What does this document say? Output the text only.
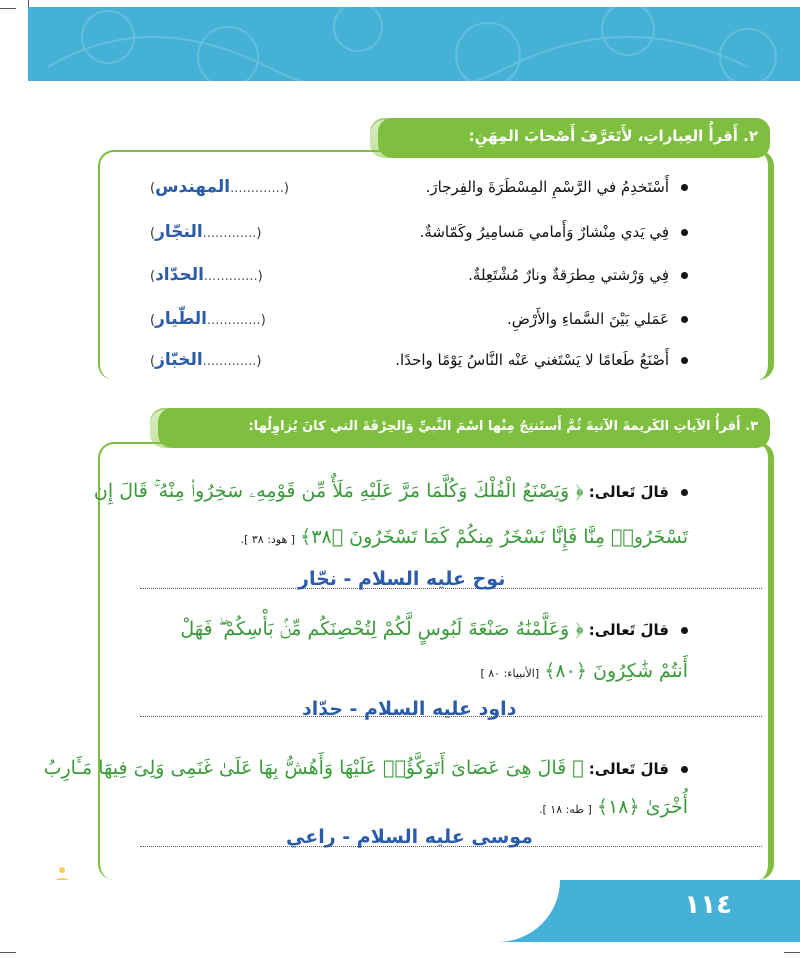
٢. أَقرأُ العِباراتِ، لأَتَعَرَّفَ أَصْحابَ المِهَنِ:
أَسْتَخدِمُ في الرَّسْمِ المِسْطَرَةَ والفِرجارَ.
(.............المهندس)
فِي يَدي مِنْشارٌ وَأَمامي مَسامِيرُ وكَمّاشةٌ.
(.............النجّار)
فِي وَرْشتي مِطرَقةٌ ونارٌ مُشْتَعِلةٌ.
(.............الحدّاد)
عَمَلي بَيْنَ السَّماءِ والأَرْضِ.
(.............الطّيار)
أَصْنَعُ طَعامًا لا يَسْتَغني عَنْه النَّاسُ يَوْمًا واحدًا.
(.............الخبّاز)
٣. أَقرأُ الآياتِ الكَريمةَ الآتيةَ ثُمَّ أَستَنتِجُ مِنْها اسْمَ النَّبيِّ وَالحِرْفَةَ التي كانَ يُزاوِلُها:
قالَ تَعالى: ﴿ وَيَصْنَعُ الْفُلْكَ وَكُلَّمَا مَرَّ عَلَيْهِ مَلَأٌ مِّن قَوْمِهِۦ سَخِرُوا۟ مِنْهُ ۚ قَالَ إِن
تَسْخَرُوا۟ مِنَّا فَإِنَّا نَسْخَرُ مِنكُمْ كَمَا تَسْخَرُونَ ﴿٣٨﴾ [ هود: ٣٨ ].
نوح عليه السلام - نجّار
قالَ تَعالى: ﴿ وَعَلَّمْنَٰهُ صَنْعَةَ لَبُوسٍ لَّكُمْ لِتُحْصِنَكُم مِّنۢ بَأْسِكُمْ ۖ فَهَلْ
أَنتُمْ شَٰكِرُونَ ﴿٨٠﴾ [الأنبياء: ٨٠ ]
داود عليه السلام - حدّاد
قالَ تَعالى: ﴿ قَالَ هِىَ عَصَاىَ أَتَوَكَّؤُا۟ عَلَيْهَا وَأَهُشُّ بِهَا عَلَىٰ غَنَمِى وَلِىَ فِيهَا مَـَٔارِبُ
أُخْرَىٰ ﴿١٨﴾ [ طه: ١٨ ].
موسى عليه السلام - راعي
١١٤
